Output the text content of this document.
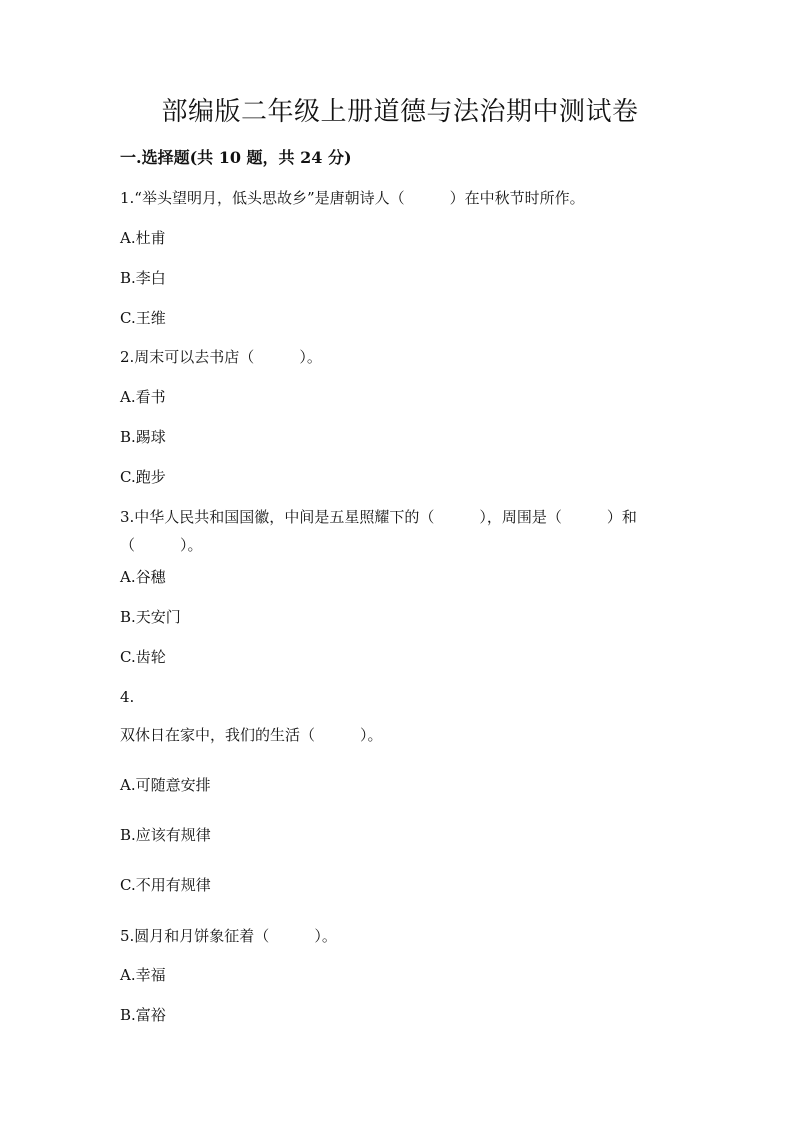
部编版二年级上册道德与法治期中测试卷

一.选择题(共 10 题，共 24 分)

1.“举头望明月，低头思故乡”是唐朝诗人（　　　）在中秋节时所作。

A.杜甫

B.李白

C.王维

2.周末可以去书店（　　　）。

A.看书

B.踢球

C.跑步

3.中华人民共和国国徽，中间是五星照耀下的（　　　），周围是（　　　）和（　　　）。

A.谷穗

B.天安门

C.齿轮

4.

双休日在家中，我们的生活（　　　）。

A.可随意安排

B.应该有规律

C.不用有规律

5.圆月和月饼象征着（　　　）。

A.幸福

B.富裕
